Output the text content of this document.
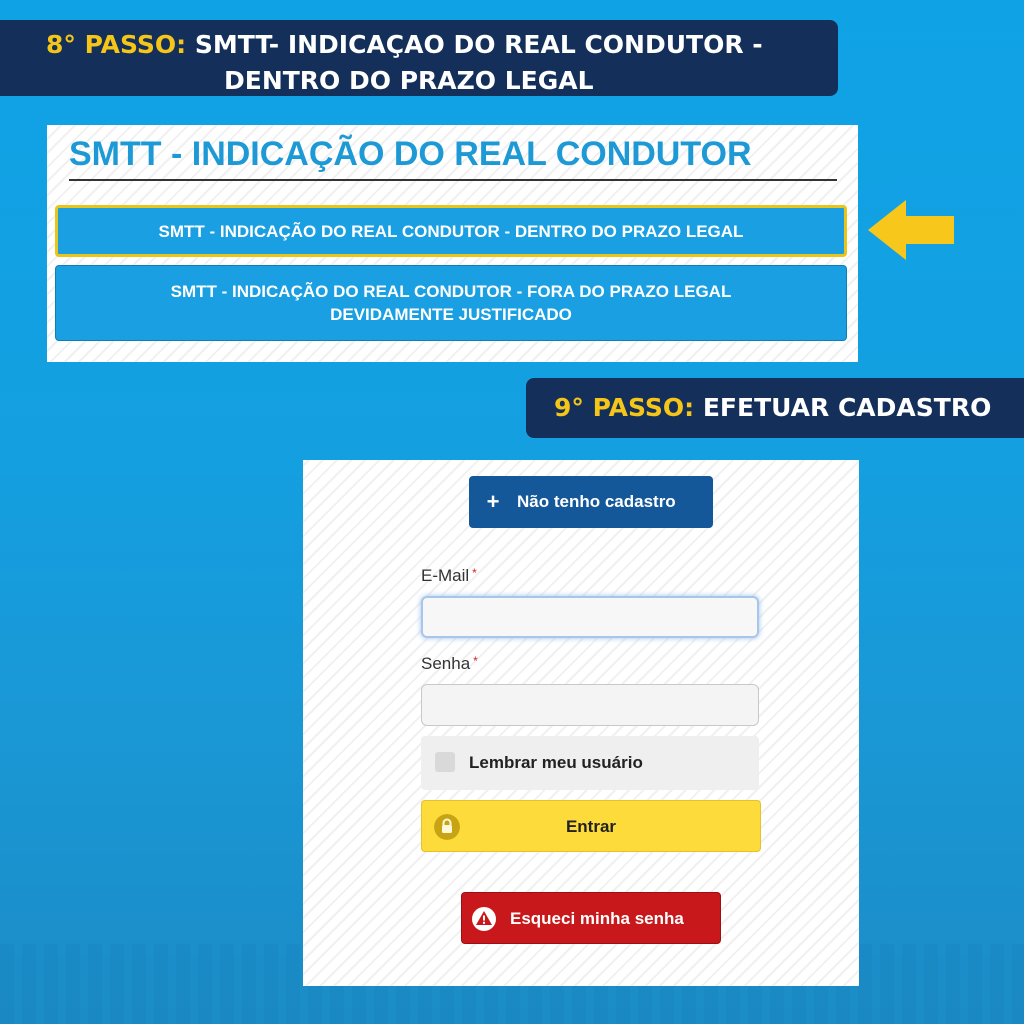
8° PASSO: SMTT- INDICAÇAO DO REAL CONDUTOR -
DENTRO DO PRAZO LEGAL
SMTT - INDICAÇÃO DO REAL CONDUTOR
SMTT - INDICAÇÃO DO REAL CONDUTOR - DENTRO DO PRAZO LEGAL
SMTT - INDICAÇÃO DO REAL CONDUTOR - FORA DO PRAZO LEGAL
DEVIDAMENTE JUSTIFICADO
9° PASSO: EFETUAR CADASTRO
+	Não tenho cadastro
E-Mail *
Senha *
Lembrar meu usuário
Entrar
Esqueci minha senha
